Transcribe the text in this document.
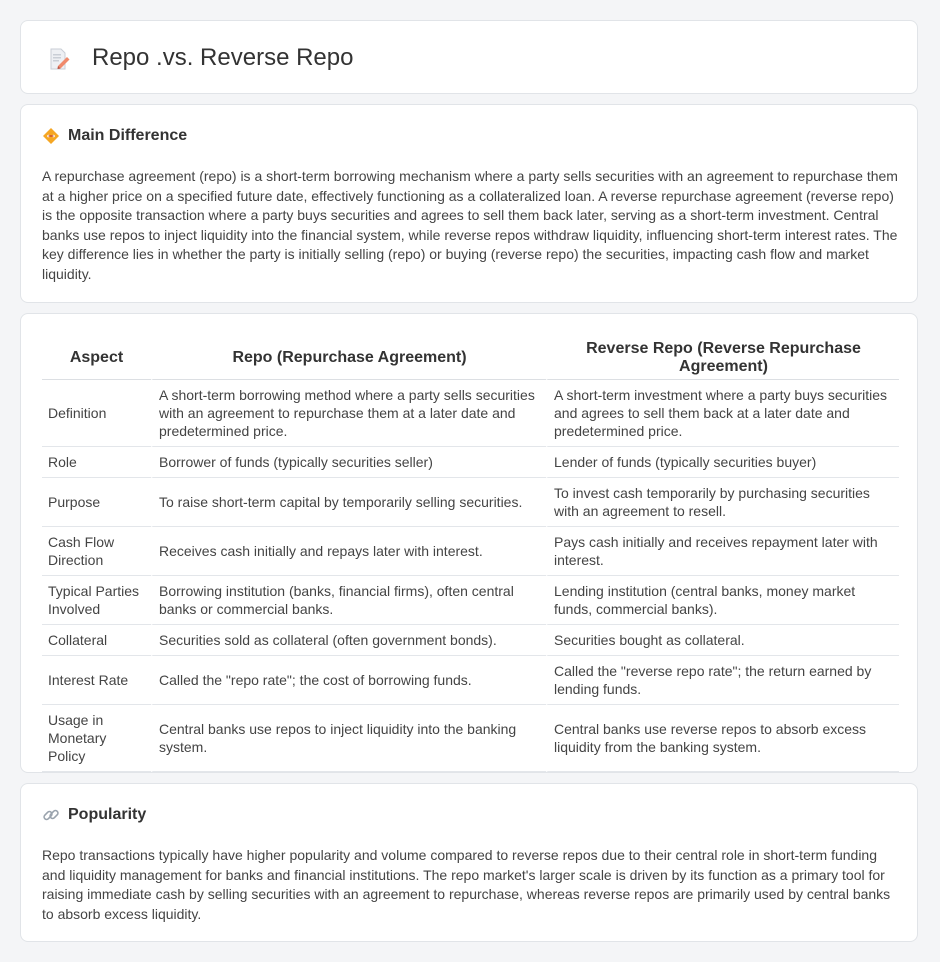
Repo .vs. Reverse Repo
Main Difference

A repurchase agreement (repo) is a short-term borrowing mechanism where a party sells securities with an agreement to repurchase them at a higher price on a specified future date, effectively functioning as a collateralized loan. A reverse repurchase agreement (reverse repo) is the opposite transaction where a party buys securities and agrees to sell them back later, serving as a short-term investment. Central banks use repos to inject liquidity into the financial system, while reverse repos withdraw liquidity, influencing short-term interest rates. The key difference lies in whether the party is initially selling (repo) or buying (reverse repo) the securities, impacting cash flow and market liquidity.

Aspect	Repo (Repurchase Agreement)	Reverse Repo (Reverse Repurchase Agreement)
Definition	A short-term borrowing method where a party sells securities with an agreement to repurchase them at a later date and predetermined price.	A short-term investment where a party buys securities and agrees to sell them back at a later date and predetermined price.
Role	Borrower of funds (typically securities seller)	Lender of funds (typically securities buyer)
Purpose	To raise short-term capital by temporarily selling securities.	To invest cash temporarily by purchasing securities with an agreement to resell.
Cash Flow Direction	Receives cash initially and repays later with interest.	Pays cash initially and receives repayment later with interest.
Typical Parties Involved	Borrowing institution (banks, financial firms), often central banks or commercial banks.	Lending institution (central banks, money market funds, commercial banks).
Collateral	Securities sold as collateral (often government bonds).	Securities bought as collateral.
Interest Rate	Called the "repo rate"; the cost of borrowing funds.	Called the "reverse repo rate"; the return earned by lending funds.
Usage in Monetary Policy	Central banks use repos to inject liquidity into the banking system.	Central banks use reverse repos to absorb excess liquidity from the banking system.
Popularity

Repo transactions typically have higher popularity and volume compared to reverse repos due to their central role in short-term funding and liquidity management for banks and financial institutions. The repo market's larger scale is driven by its function as a primary tool for raising immediate cash by selling securities with an agreement to repurchase, whereas reverse repos are primarily used by central banks to absorb excess liquidity.
